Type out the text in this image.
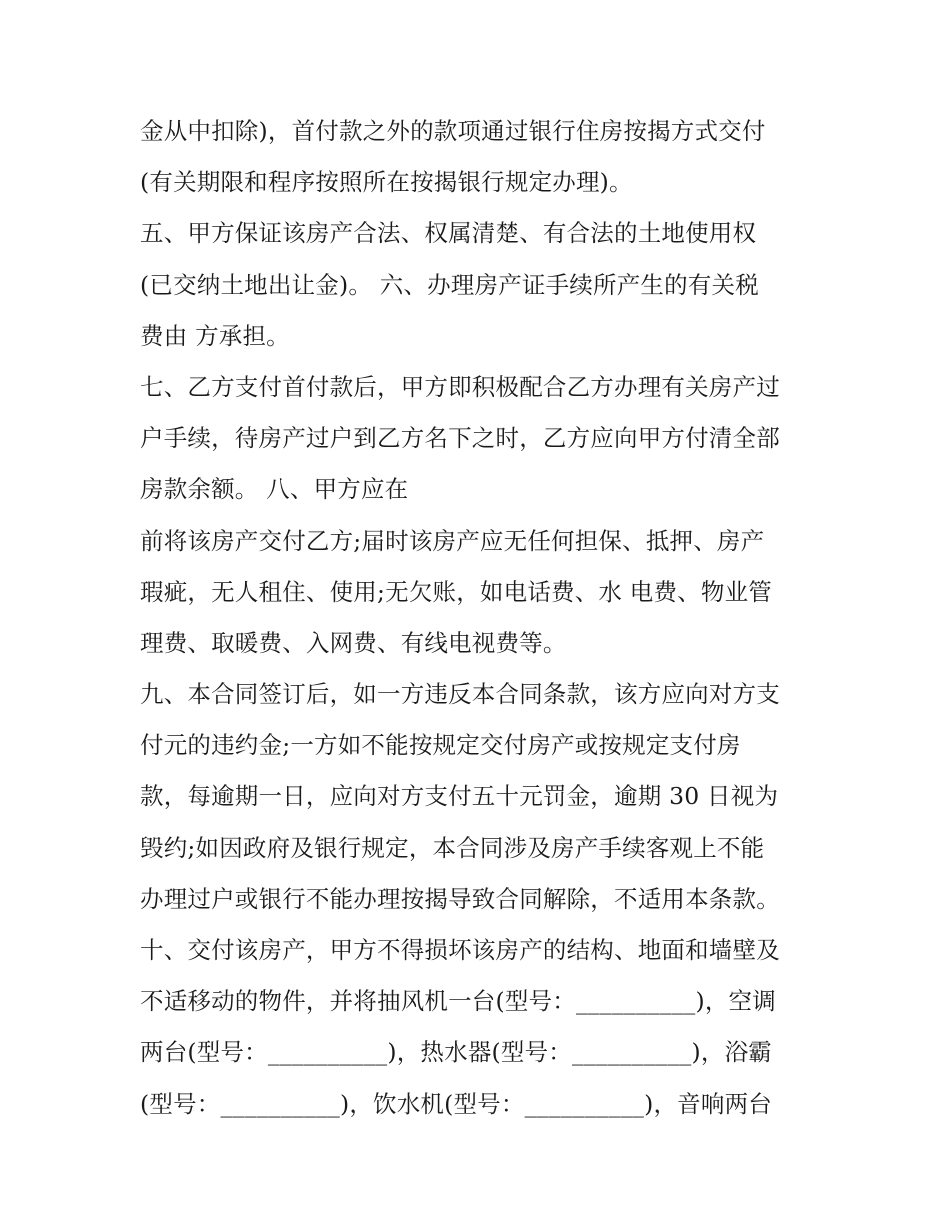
金从中扣除)，首付款之外的款项通过银行住房按揭方式交付
(有关期限和程序按照所在按揭银行规定办理)。
五、甲方保证该房产合法、权属清楚、有合法的土地使用权
(已交纳土地出让金)。 六、办理房产证手续所产生的有关税
费由 方承担。
七、乙方支付首付款后，甲方即积极配合乙方办理有关房产过
户手续，待房产过户到乙方名下之时，乙方应向甲方付清全部
房款余额。 八、甲方应在
前将该房产交付乙方;届时该房产应无任何担保、抵押、房产
瑕疵，无人租住、使用;无欠账，如电话费、水 电费、物业管
理费、取暖费、入网费、有线电视费等。
九、本合同签订后，如一方违反本合同条款，该方应向对方支
付元的违约金;一方如不能按规定交付房产或按规定支付房
款，每逾期一日，应向对方支付五十元罚金，逾期 30 日视为
毁约;如因政府及银行规定，本合同涉及房产手续客观上不能
办理过户或银行不能办理按揭导致合同解除，不适用本条款。
十、交付该房产，甲方不得损坏该房产的结构、地面和墙壁及
不适移动的物件，并将抽风机一台(型号：__________)，空调
两台(型号：__________)，热水器(型号：__________)，浴霸
(型号：__________)，饮水机(型号：__________)，音响两台
